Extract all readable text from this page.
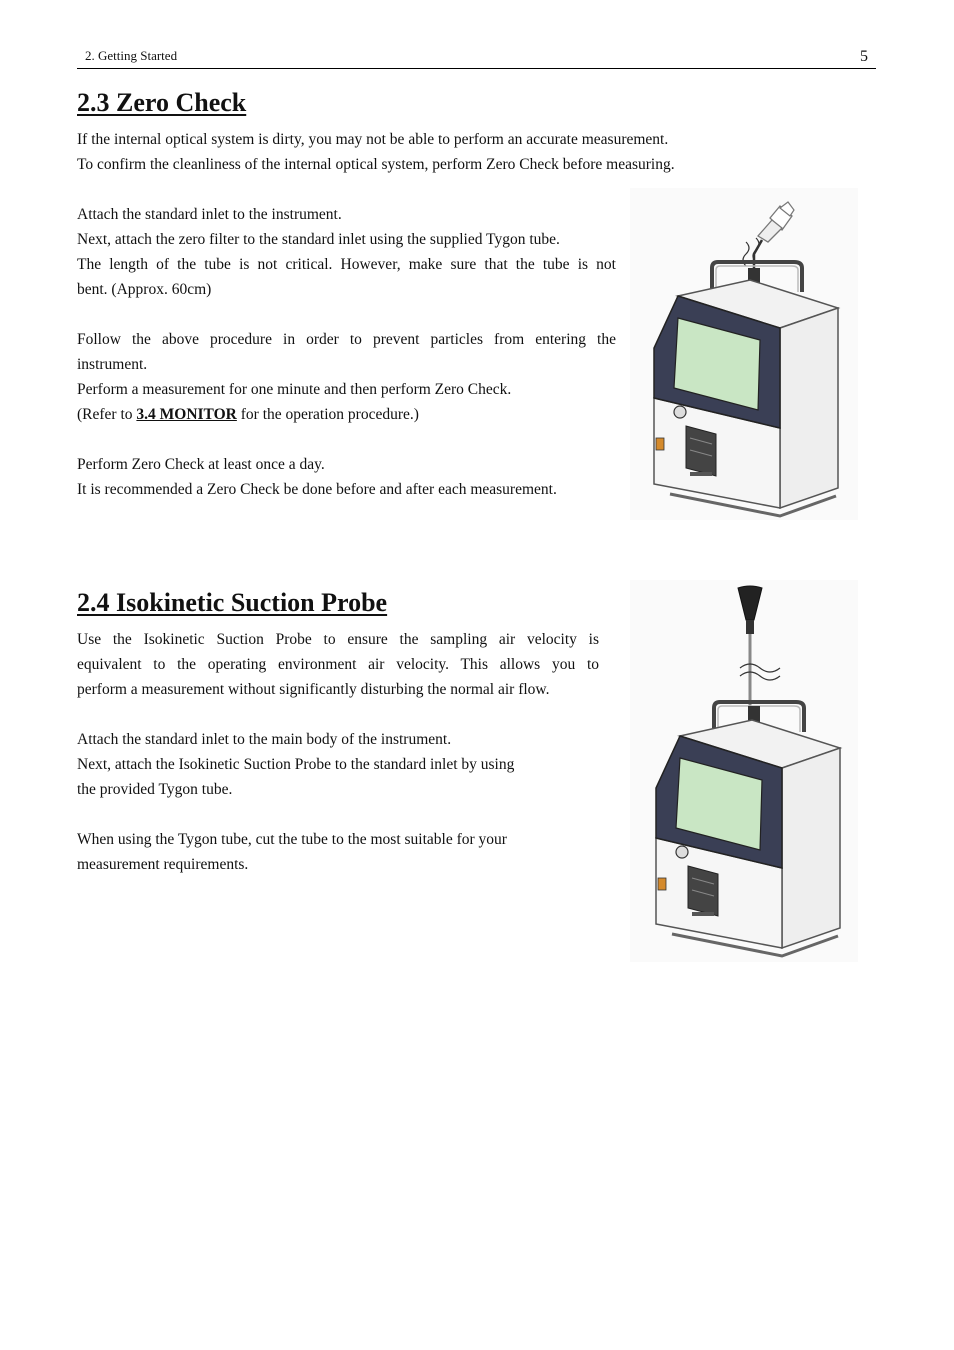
2. Getting Started	5
2.3 Zero Check

If the internal optical system is dirty, you may not be able to perform an accurate measurement.

To confirm the cleanliness of the internal optical system, perform Zero Check before measuring.

Attach the standard inlet to the instrument.

Next, attach the zero filter to the standard inlet using the supplied Tygon tube.

The length of the tube is not critical. However, make sure that the tube is not

bent. (Approx. 60cm)

Follow the above procedure in order to prevent particles from entering the

instrument.

Perform a measurement for one minute and then perform Zero Check.

(Refer to 3.4 MONITOR for the operation procedure.)

Perform Zero Check at least once a day.

It is recommended a Zero Check be done before and after each measurement.

2.4 Isokinetic Suction Probe

Use the Isokinetic Suction Probe to ensure the sampling air velocity is

equivalent to the operating environment air velocity. This allows you to

perform a measurement without significantly disturbing the normal air flow.

Attach the standard inlet to the main body of the instrument.

Next, attach the Isokinetic Suction Probe to the standard inlet by using

the provided Tygon tube.

When using the Tygon tube, cut the tube to the most suitable for your

measurement requirements.
